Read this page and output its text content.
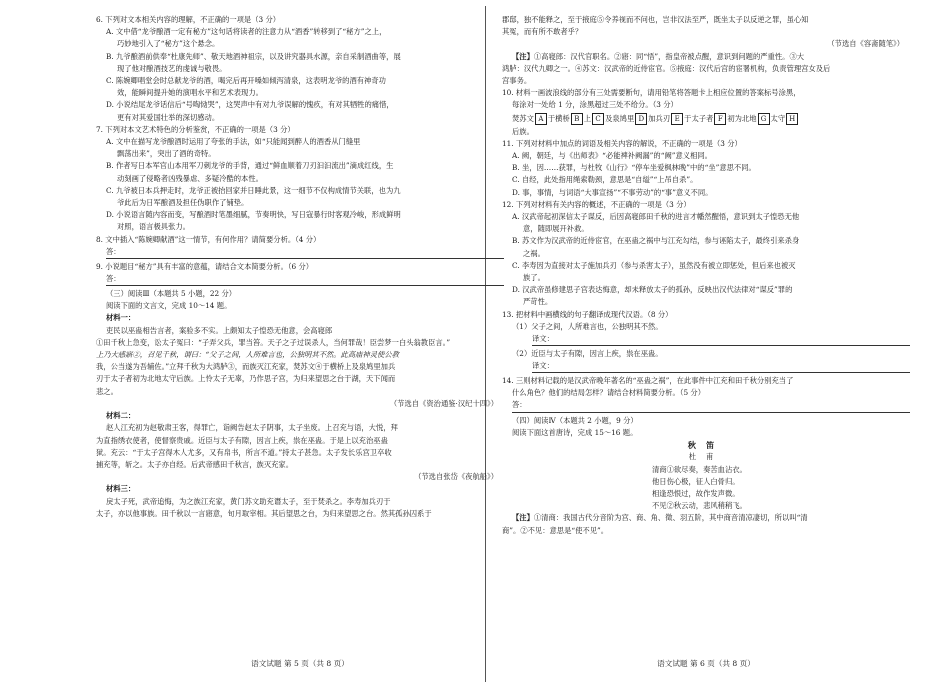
6. 下列对文本相关内容的理解，不正确的一项是（3 分）
A. 文中借“龙爷酿酒一定有秘方”这句话将读者的注意力从“酒香”转移到了“秘方”之上，
巧妙地引入了“秘方”这个悬念。
B. 九爷酿酒前供奉“杜康先师”、敬天地酒神祖宗，以及讲究器具水源，亲自采制酒曲等，展
现了他对酿酒技艺的虔诚与敬畏。
C. 陈婉卿唱堂会时总献龙爷的酒，喝完后再开嗓如倾泻清泉，这表明龙爷的酒有神奇功
效，能瞬间提升她的演唱水平和艺术表现力。
D. 小说结尾龙爷话信后“号啕恸哭”，这哭声中有对九爷误解的愧疚，有对其牺牲的痛惜，
更有对其爱国壮举的深切感动。
7. 下列对本文艺术特色的分析鉴赏，不正确的一项是（3 分）
A. 文中在描写龙爷酿酒时运用了夸张的手法，如“只能闻到醉人的酒香从门缝里
飘荡出来”，突出了酒的奇特。
B. 作者写日本军官山本用军刀刺龙爷的手背，通过“鲜血顺着刀刃汩汩流出”滴成红线，生
动刻画了侵略者凶残暴虐、多疑冷酷的本性。
C. 九爷被日本兵押走时，龙爷正被抬回家并日睡此景，这一细节不仅构成情节关联，也为九
爷此后为日军酿酒及担任伪职作了铺垫。
D. 小说语言随内容而变，写酿酒时笔墨细腻，节奏明快，写日寇暴行时客观冷峻，形成鲜明
对照，语言极具张力。
8. 文中插入“陈婉卿献酒”这一情节，有何作用？请简要分析。（4 分）
答：
9. 小说题目“秘方”具有丰富的意蕴，请结合文本简要分析。（6 分）
答：
（三）阅读Ⅲ（本题共 5 小题，22 分）
阅读下面的文言文，完成 10～14 题。
材料一：
吏民以巫蛊相告言者，案验多不实。上颇知太子惶恐无他意，会高寝郎
①田千秋上急变，讼太子冤曰：“子弄父兵，罪当笞。天子之子过误杀人，当何罪哉！臣尝梦一白头翁教臣言。”
上乃大感寤②，召见千秋，谓曰：“父子之间，人所难言也，公独明其不然。此高庙神灵使公教
我，公当遂为吾辅佐。”立拜千秋为大鸿胪③，而族灭江充家，焚苏文④于横桥上及泉鸠里加兵
刃于太子者初为北地太守后族。上怜太子无辜，乃作思子宫，为归来望思之台于湖，天下闻而
悲之。
（节选自《资治通鉴·汉纪十四》）
材料二：
赵人江充初为赵敬肃王客，得罪亡，诣阙告赵太子阴事，太子坐废。上召充与语，大悦，拜
为直指绣衣使者，使督察贵戚。近臣与太子有隙，因言上疾，祟在巫蛊。于是上以充治巫蛊
狱。充云：“于太子宫得木人尤多，又有帛书，所言不道。”持太子甚急。太子发长乐宫卫卒收
捕充等，斩之。太子亦自经。后武帝感田千秋言，族灭充家。
（节选自张岱《夜航船》）
材料三：
戾太子死，武帝追悔，为之族江充家，黄门苏文助充谮太子，至于焚杀之。李寿加兵刃于
太子，亦以他事族。田千秋以一言寤意，旬月取宰相。其后望思之台，为归来望思之台。然其孤孙囚系于
语文试题 第 5 页（共 8 页）
郡邸，独不能释之，至于掖庭⑤令养视而不问也，岂非汉法至严，既坐太子以反逆之罪，虽心知
其冤，而有所不敢者乎？
（节选自《容斋随笔》）
【注】①高寝郎：汉代官职名。②寤：同“悟”，指皇帝被点醒，意识到问题的严重性。③大
鸿胪：汉代九卿之一。④苏文：汉武帝的近侍宦官。⑤掖庭：汉代后宫的宦署机构，负责管理宫女及后
宫事务。
10. 材料一画波浪线的部分有三处需要断句，请用铅笔将答题卡上相应位置的答案标号涂黑，
每涂对一处给 1 分，涂黑超过三处不给分。（3 分）
焚苏文 A 于横桥 B 上 C 及泉鸠里 D 加兵刃 E 于太子者 F 初为北地 G 太守 H
后族。
11. 下列对材料中加点的词语及相关内容的解说，不正确的一项是（3 分）
A. 阙，朝廷，与《出师表》“必能裨补阙漏”的“阙”意义相同。
B. 坐，因……获罪，与杜牧《山行》“停车坐爱枫林晚”中的“坐”意思不同。
C. 自经，此处指用绳索勒颈，意思是“自缢”“上吊自杀”。
D. 事，事情，与词语“大事宣扬”“不事劳动”的“事”意义不同。
12. 下列对材料有关内容的概述，不正确的一项是（3 分）
A. 汉武帝起初深信太子谋反，后因高寝郎田千秋的进言才幡然醒悟，意识到太子惶恐无他
意，随即展开补救。
B. 苏文作为汉武帝的近侍宦官，在巫蛊之祸中与江充勾结，参与诬陷太子，最终引来杀身
之祸。
C. 李寿因为直接对太子施加兵刃（参与杀害太子），虽然没有被立即惩处，但后来也被灭
族了。
D. 汉武帝虽修建思子宫表达悔意，却未释放太子的孤孙，反映出汉代法律对“谋反”罪的
严苛性。
13. 把材料中画横线的句子翻译成现代汉语。（8 分）
（1）父子之间，人所难言也，公独明其不然。
译文：
（2）近臣与太子有隙，因言上疾，祟在巫蛊。
译文：
14. 三则材料记载的是汉武帝晚年著名的“巫蛊之祸”，在此事件中江充和田千秋分别充当了
什么角色？他们的结局怎样？请结合材料简要分析。（5 分）
答：
（四）阅读Ⅳ（本题共 2 小题，9 分）
阅读下面这首唐诗，完成 15～16 题。
秋笛
杜甫
清商①欲尽奏，奏苦血沾衣。
他日伤心极，征人白骨归。
相逢恐恨过，故作发声微。
不见②秋云动，悲风稍稍飞。
【注】①清商：我国古代分音阶为宫、商、角、徵、羽五阶，其中商音清凉凄切，所以叫“清
商”。②不见：意思是“使不见”。
语文试题 第 6 页（共 8 页）
